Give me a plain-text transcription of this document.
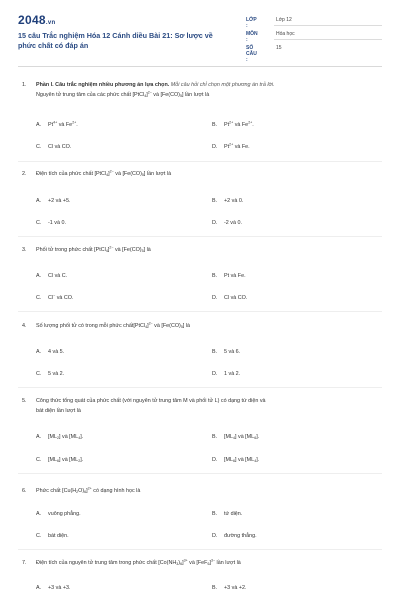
2048.vn
15 câu Trắc nghiệm Hóa 12 Cánh diều Bài 21: Sơ lược về
phức chất có đáp án
LỚP :
Lớp 12
MÔN :
Hóa học
SỐ CÂU :
15
1. Phần I. Câu trắc nghiệm nhiều phương án lựa chọn. Mỗi câu hỏi chỉ chọn một phương án trả lời.
Nguyên tử trung tâm của các phức chất [PtCl$_4$]$^{2-}$ và $[Fe(CO)_5]$ lần lượt là
A. $Pt^{4+}$ và $Fe^{2+}$.	B. $Pt^{2+}$ và $Fe^{2+}$.
C. Cl và CO.	D. $Pt^{2+}$ và Fe.
2. Điện tích của phức chất [PtCl$_4$]$^{2-}$ và $[Fe(CO)_5]$ lần lượt là
A. +2 và +5.	B. +2 và 0.
C. -1 và 0.	D. -2 và 0.
3. Phối tử trong phức chất [PtCl$_4$]$^{2-}$ và $[Fe(CO)_5]$ là
A. Cl và C.	B. Pt và Fe.
C. Cl− và CO.	D. Cl và CO.
4. Số lượng phối tử có trong mỗi phức chất[PtCl$_4$]$^{2-}$ và $[Fe(CO)_5]$ là
A. 4 và 5.	B. 5 và 6.
C. 5 và 2.	D. 1 và 2.
5. Công thức tổng quát của phức chất (với nguyên tử trung tâm M và phối tử L) có dạng tứ diện và
bát diện lần lượt là
A. $[ML_2]$ và $[ML_4]$.	B. $[ML_4]$ và $[ML_6]$.
C. $[ML_6]$ và $[ML_2]$.	D. $[ML_6]$ và $[ML_4]$.
6. Phức chất $[Cu(H_2O)_6]^{2+}$ có dạng hình học là
A. vuông phẳng.	B. tứ diện.
C. bát diện.	D. đường thẳng.
7. Điện tích của nguyên tử trung tâm trong phức chất $[Co(NH_3)_6]^{3+}$ và $[FeF_6]^{3-}$ lần lượt là
A. +3 và +3.	B. +3 và +2.
